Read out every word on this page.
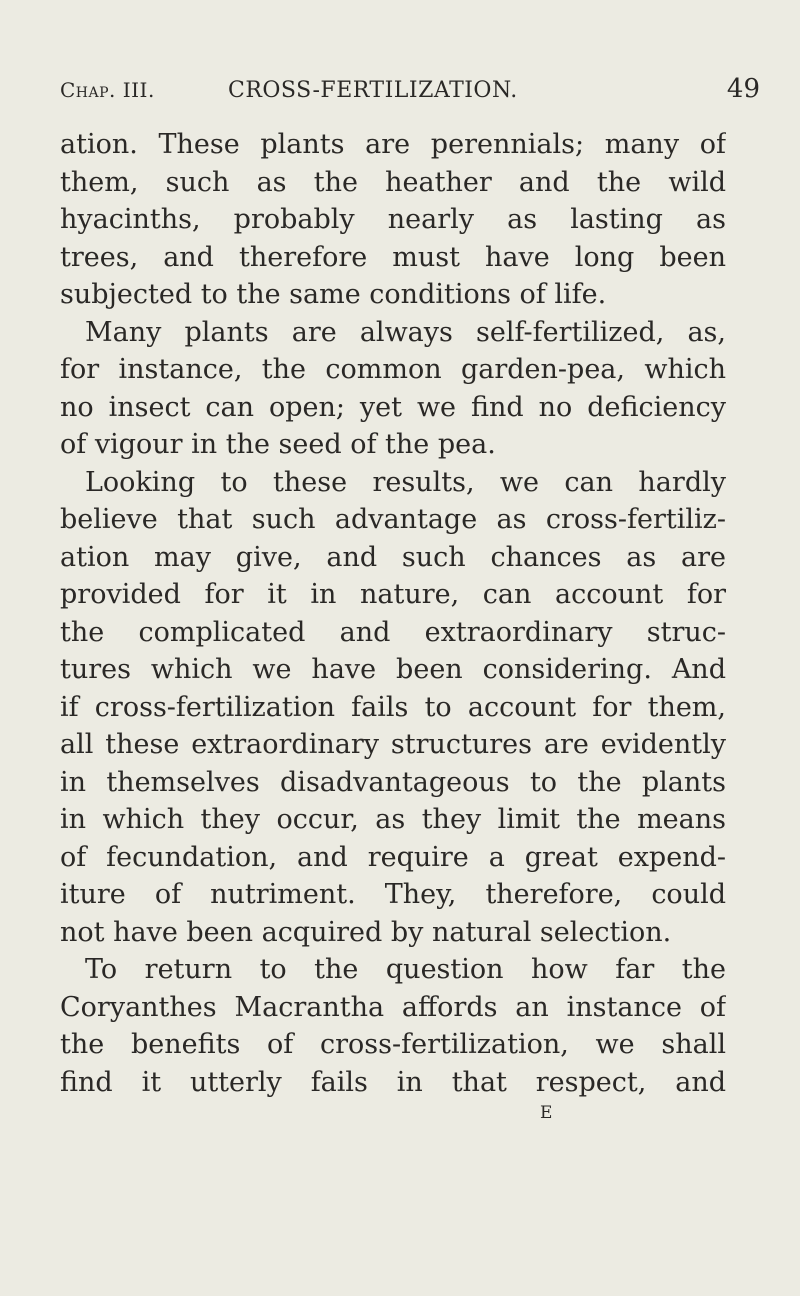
Chap. III.	CROSS-FERTILIZATION.	49
ation. These plants are perennials; many of
them, such as the heather and the wild
hyacinths, probably nearly as lasting as
trees, and therefore must have long been
subjected to the same conditions of life.
Many plants are always self-fertilized, as,
for instance, the common garden-pea, which
no insect can open; yet we find no deficiency
of vigour in the seed of the pea.
Looking to these results, we can hardly
believe that such advantage as cross-fertiliz-
ation may give, and such chances as are
provided for it in nature, can account for
the complicated and extraordinary struc-
tures which we have been considering. And
if cross-fertilization fails to account for them,
all these extraordinary structures are evidently
in themselves disadvantageous to the plants
in which they occur, as they limit the means
of fecundation, and require a great expend-
iture of nutriment. They, therefore, could
not have been acquired by natural selection.
To return to the question how far the
Coryanthes Macrantha affords an instance of
the benefits of cross-fertilization, we shall
find it utterly fails in that respect, and
E
